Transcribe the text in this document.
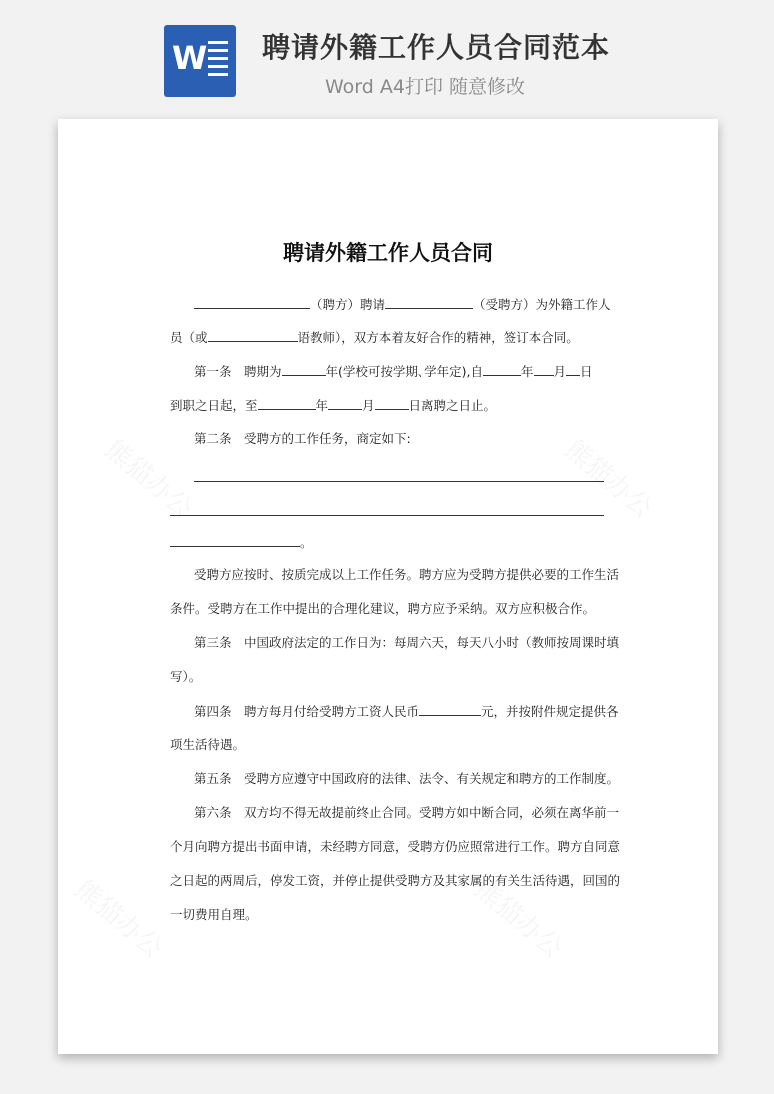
W 聘请外籍工作人员合同范本
Word A4打印 随意修改
聘请外籍工作人员合同
（聘方）聘请	（受聘方）为外籍工作人
员（或	语教师），双方本着友好合作的精神，签订本合同。
第一条　聘期为	年(学校可按学期､学年定),自	年 月 日
到职之日起，至	年	月	日离聘之日止。
第二条　受聘方的工作任务，商定如下:
。
受聘方应按时、按质完成以上工作任务。聘方应为受聘方提供必要的工作生活
条件。受聘方在工作中提出的合理化建议，聘方应予采纳。双方应积极合作。
第三条　中国政府法定的工作日为：每周六天，每天八小时（教师按周课时填
写）。
第四条　聘方每月付给受聘方工资人民币	元，并按附件规定提供各
项生活待遇。
第五条　受聘方应遵守中国政府的法律、法令、有关规定和聘方的工作制度。
第六条　双方均不得无故提前终止合同。受聘方如中断合同，必须在离华前一
个月向聘方提出书面申请，未经聘方同意，受聘方仍应照常进行工作。聘方自同意
之日起的两周后，停发工资，并停止提供受聘方及其家属的有关生活待遇，回国的
一切费用自理。
